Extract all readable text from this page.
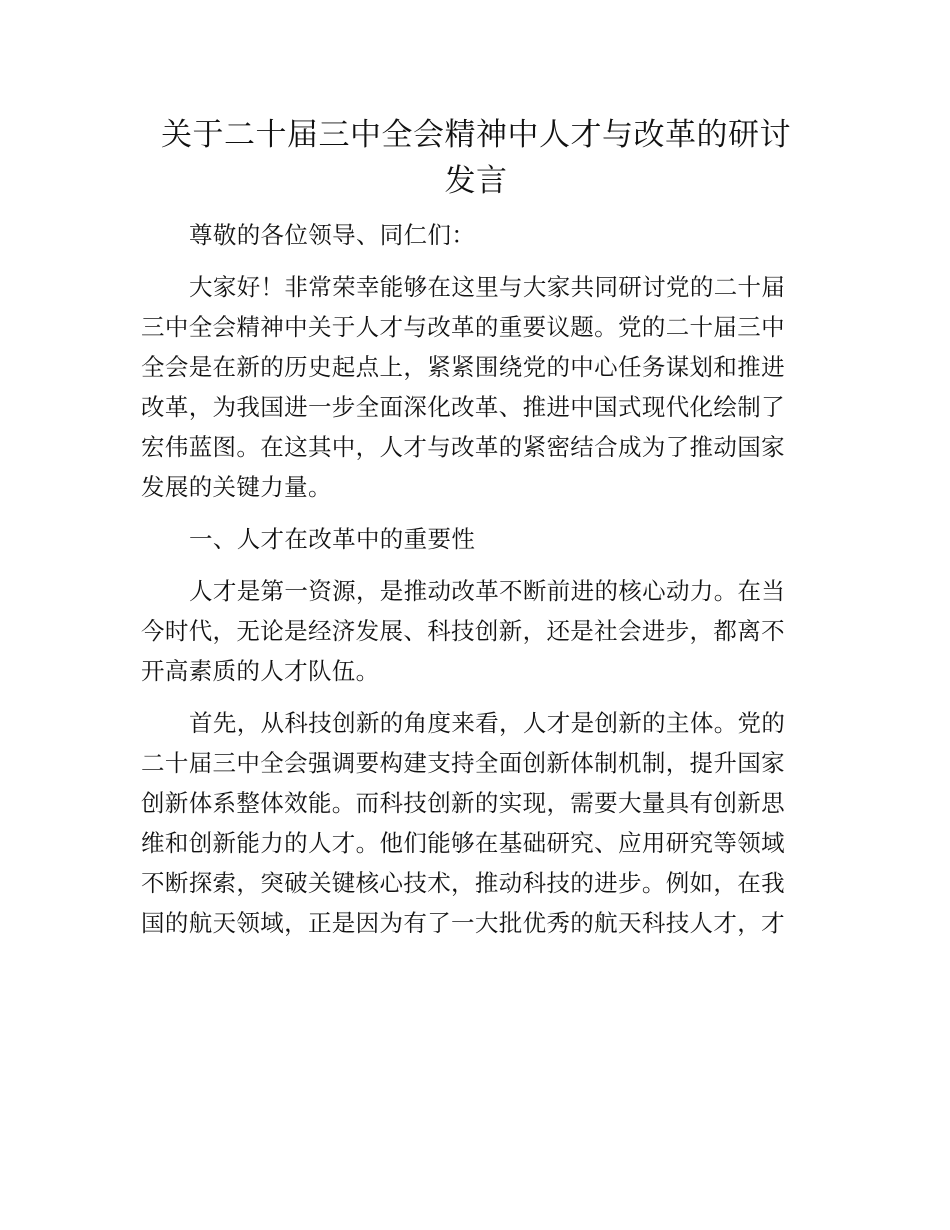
关于二十届三中全会精神中人才与改革的研讨
发言
尊敬的各位领导、同仁们：
大家好！非常荣幸能够在这里与大家共同研讨党的二十届
三中全会精神中关于人才与改革的重要议题。党的二十届三中
全会是在新的历史起点上，紧紧围绕党的中心任务谋划和推进
改革，为我国进一步全面深化改革、推进中国式现代化绘制了
宏伟蓝图。在这其中，人才与改革的紧密结合成为了推动国家
发展的关键力量。
一、人才在改革中的重要性
人才是第一资源，是推动改革不断前进的核心动力。在当
今时代，无论是经济发展、科技创新，还是社会进步，都离不
开高素质的人才队伍。
首先，从科技创新的角度来看，人才是创新的主体。党的
二十届三中全会强调要构建支持全面创新体制机制，提升国家
创新体系整体效能。而科技创新的实现，需要大量具有创新思
维和创新能力的人才。他们能够在基础研究、应用研究等领域
不断探索，突破关键核心技术，推动科技的进步。例如，在我
国的航天领域，正是因为有了一大批优秀的航天科技人才，才
